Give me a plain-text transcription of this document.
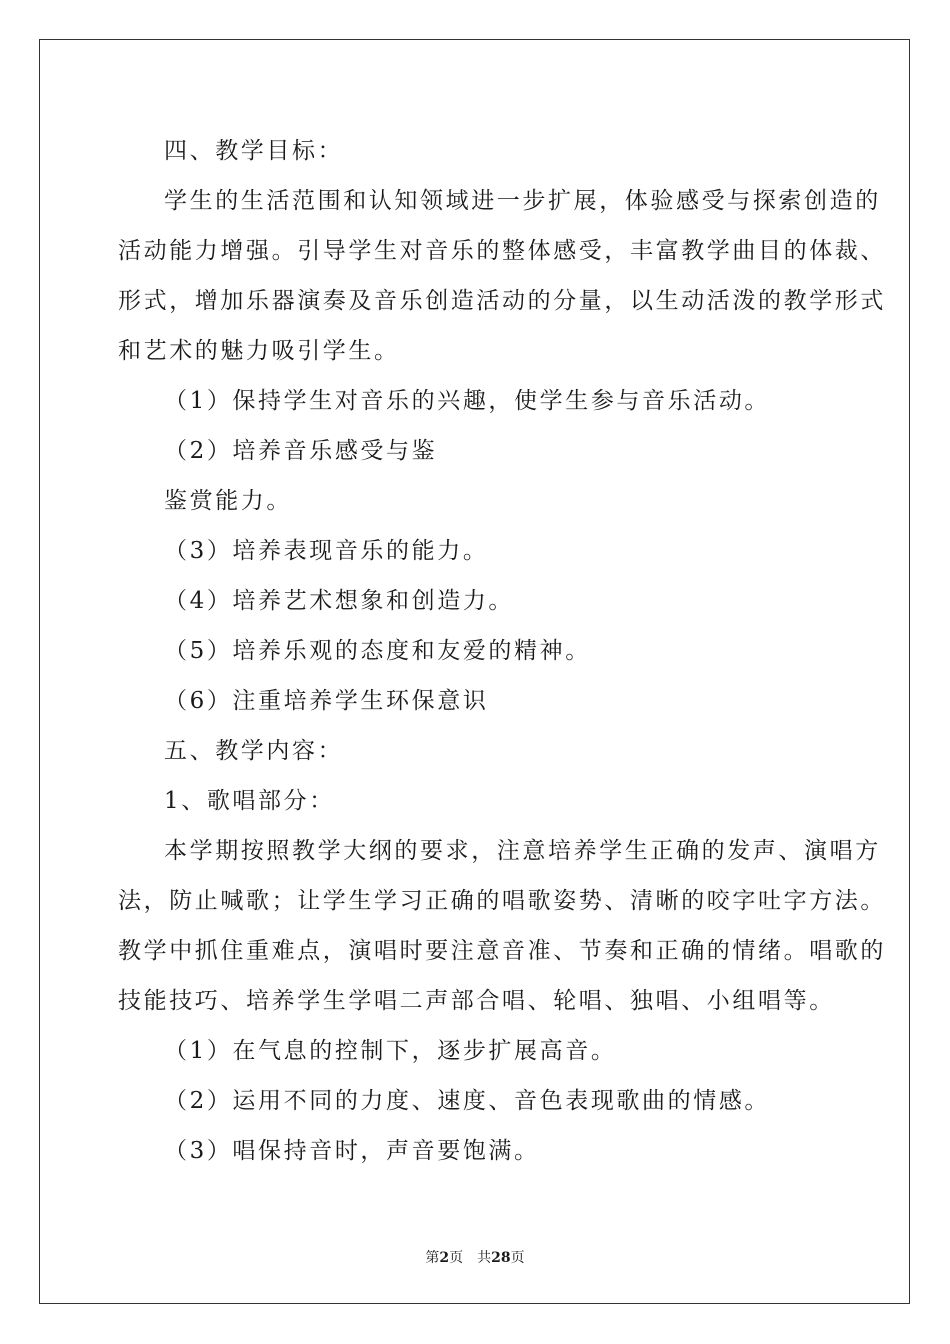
四、教学目标：
学生的生活范围和认知领域进一步扩展，体验感受与探索创造的
活动能力增强。引导学生对音乐的整体感受，丰富教学曲目的体裁、
形式，增加乐器演奏及音乐创造活动的分量，以生动活泼的教学形式
和艺术的魅力吸引学生。
（1）保持学生对音乐的兴趣，使学生参与音乐活动。
（2）培养音乐感受与鉴
鉴赏能力。
（3）培养表现音乐的能力。
（4）培养艺术想象和创造力。
（5）培养乐观的态度和友爱的精神。
（6）注重培养学生环保意识
五、教学内容：
1、歌唱部分：
本学期按照教学大纲的要求，注意培养学生正确的发声、演唱方
法，防止喊歌；让学生学习正确的唱歌姿势、清晰的咬字吐字方法。
教学中抓住重难点，演唱时要注意音准、节奏和正确的情绪。唱歌的
技能技巧、培养学生学唱二声部合唱、轮唱、独唱、小组唱等。
（1）在气息的控制下，逐步扩展高音。
（2）运用不同的力度、速度、音色表现歌曲的情感。
（3）唱保持音时，声音要饱满。
第2页 共28页
